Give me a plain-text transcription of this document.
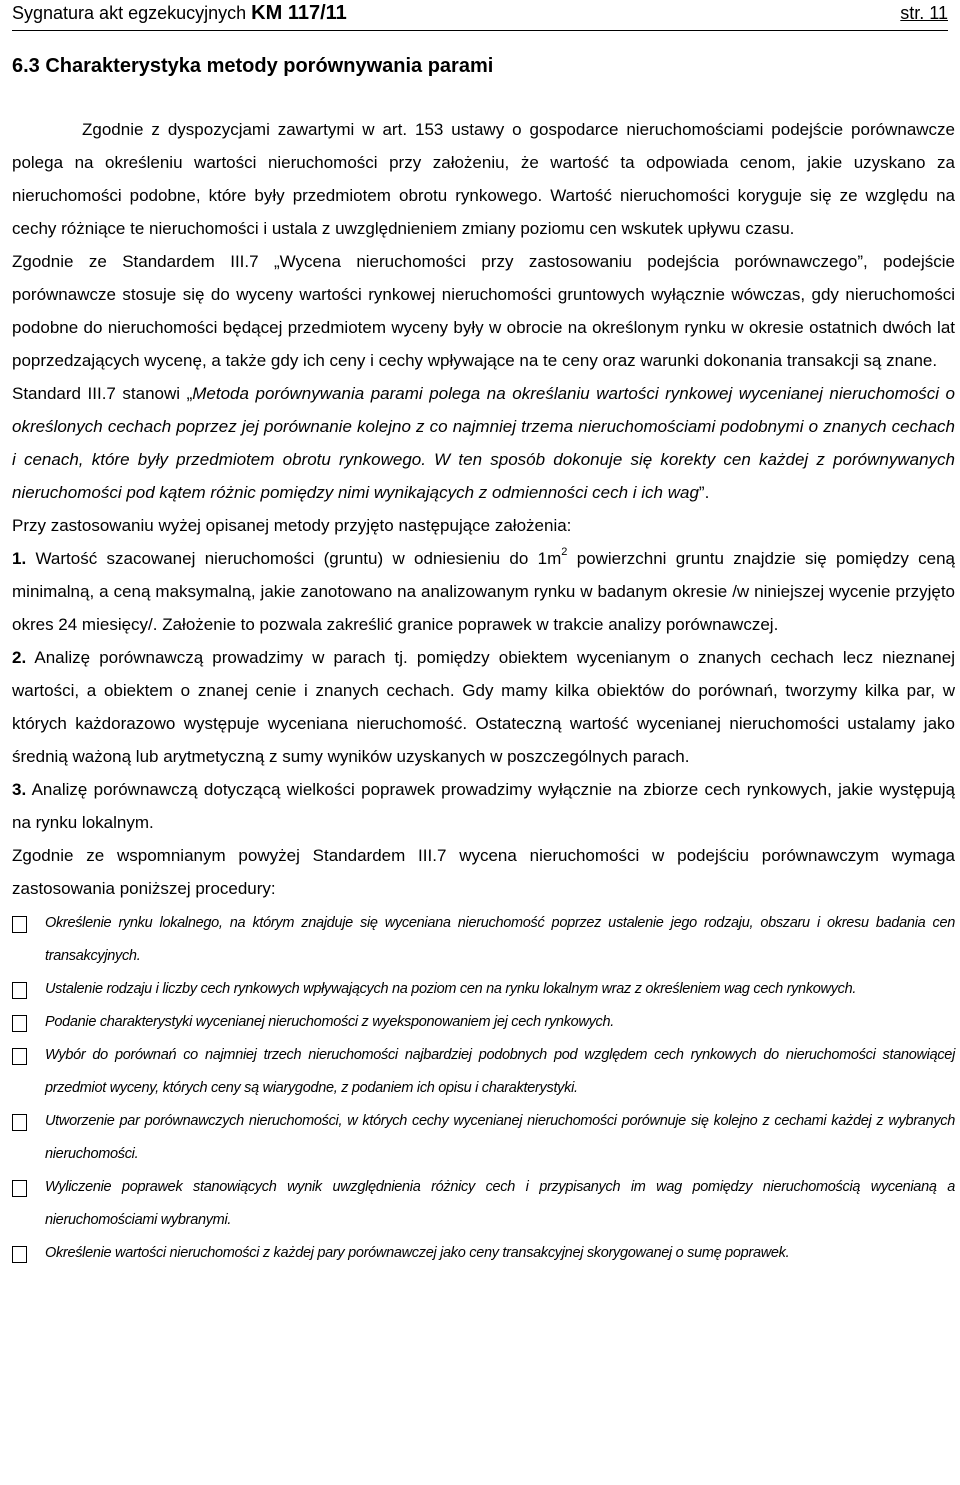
Sygnatura akt egzekucyjnych KM 117/11	str. 11
6.3 Charakterystyka metody porównywania parami

Zgodnie z dyspozycjami zawartymi w art. 153 ustawy o gospodarce nieruchomościami podejście porównawcze polega na określeniu wartości nieruchomości przy założeniu, że wartość ta odpowiada cenom, jakie uzyskano za nieruchomości podobne, które były przedmiotem obrotu rynkowego. Wartość nieruchomości koryguje się ze względu na cechy różniące te nieruchomości i ustala z uwzględnieniem zmiany poziomu cen wskutek upływu czasu.

Zgodnie ze Standardem III.7 „Wycena nieruchomości przy zastosowaniu podejścia porównawczego”, podejście porównawcze stosuje się do wyceny wartości rynkowej nieruchomości gruntowych wyłącznie wówczas, gdy nieruchomości podobne do nieruchomości będącej przedmiotem wyceny były w obrocie na określonym rynku w okresie ostatnich dwóch lat poprzedzających wycenę, a także gdy ich ceny i cechy wpływające na te ceny oraz warunki dokonania transakcji są znane.

Standard III.7 stanowi „Metoda porównywania parami polega na określaniu wartości rynkowej wycenianej nieruchomości o określonych cechach poprzez jej porównanie kolejno z co najmniej trzema nieruchomościami podobnymi o znanych cechach i cenach, które były przedmiotem obrotu rynkowego. W ten sposób dokonuje się korekty cen każdej z porównywanych nieruchomości pod kątem różnic pomiędzy nimi wynikających z odmienności cech i ich wag”.

Przy zastosowaniu wyżej opisanej metody przyjęto następujące założenia:

1. Wartość szacowanej nieruchomości (gruntu) w odniesieniu do $1m^2$ powierzchni gruntu znajdzie się pomiędzy ceną minimalną, a ceną maksymalną, jakie zanotowano na analizowanym rynku w badanym okresie /w niniejszej wycenie przyjęto okres 24 miesięcy/. Założenie to pozwala zakreślić granice poprawek w trakcie analizy porównawczej.

2. Analizę porównawczą prowadzimy w parach tj. pomiędzy obiektem wycenianym o znanych cechach lecz nieznanej wartości, a obiektem o znanej cenie i znanych cechach. Gdy mamy kilka obiektów do porównań, tworzymy kilka par, w których każdorazowo występuje wyceniana nieruchomość. Ostateczną wartość wycenianej nieruchomości ustalamy jako średnią ważoną lub arytmetyczną z sumy wyników uzyskanych w poszczególnych parach.

3. Analizę porównawczą dotyczącą wielkości poprawek prowadzimy wyłącznie na zbiorze cech rynkowych, jakie występują na rynku lokalnym.

Zgodnie ze wspomnianym powyżej Standardem III.7 wycena nieruchomości w podejściu porównawczym wymaga zastosowania poniższej procedury:

Określenie rynku lokalnego, na którym znajduje się wyceniana nieruchomość poprzez ustalenie jego rodzaju, obszaru i okresu badania cen transakcyjnych.
Ustalenie rodzaju i liczby cech rynkowych wpływających na poziom cen na rynku lokalnym wraz z określeniem wag cech rynkowych.
Podanie charakterystyki wycenianej nieruchomości z wyeksponowaniem jej cech rynkowych.
Wybór do porównań co najmniej trzech nieruchomości najbardziej podobnych pod względem cech rynkowych do nieruchomości stanowiącej przedmiot wyceny, których ceny są wiarygodne, z podaniem ich opisu i charakterystyki.
Utworzenie par porównawczych nieruchomości, w których cechy wycenianej nieruchomości porównuje się kolejno z cechami każdej z wybranych nieruchomości.
Wyliczenie poprawek stanowiących wynik uwzględnienia różnicy cech i przypisanych im wag pomiędzy nieruchomością wycenianą a nieruchomościami wybranymi.
Określenie wartości nieruchomości z każdej pary porównawczej jako ceny transakcyjnej skorygowanej o sumę poprawek.
